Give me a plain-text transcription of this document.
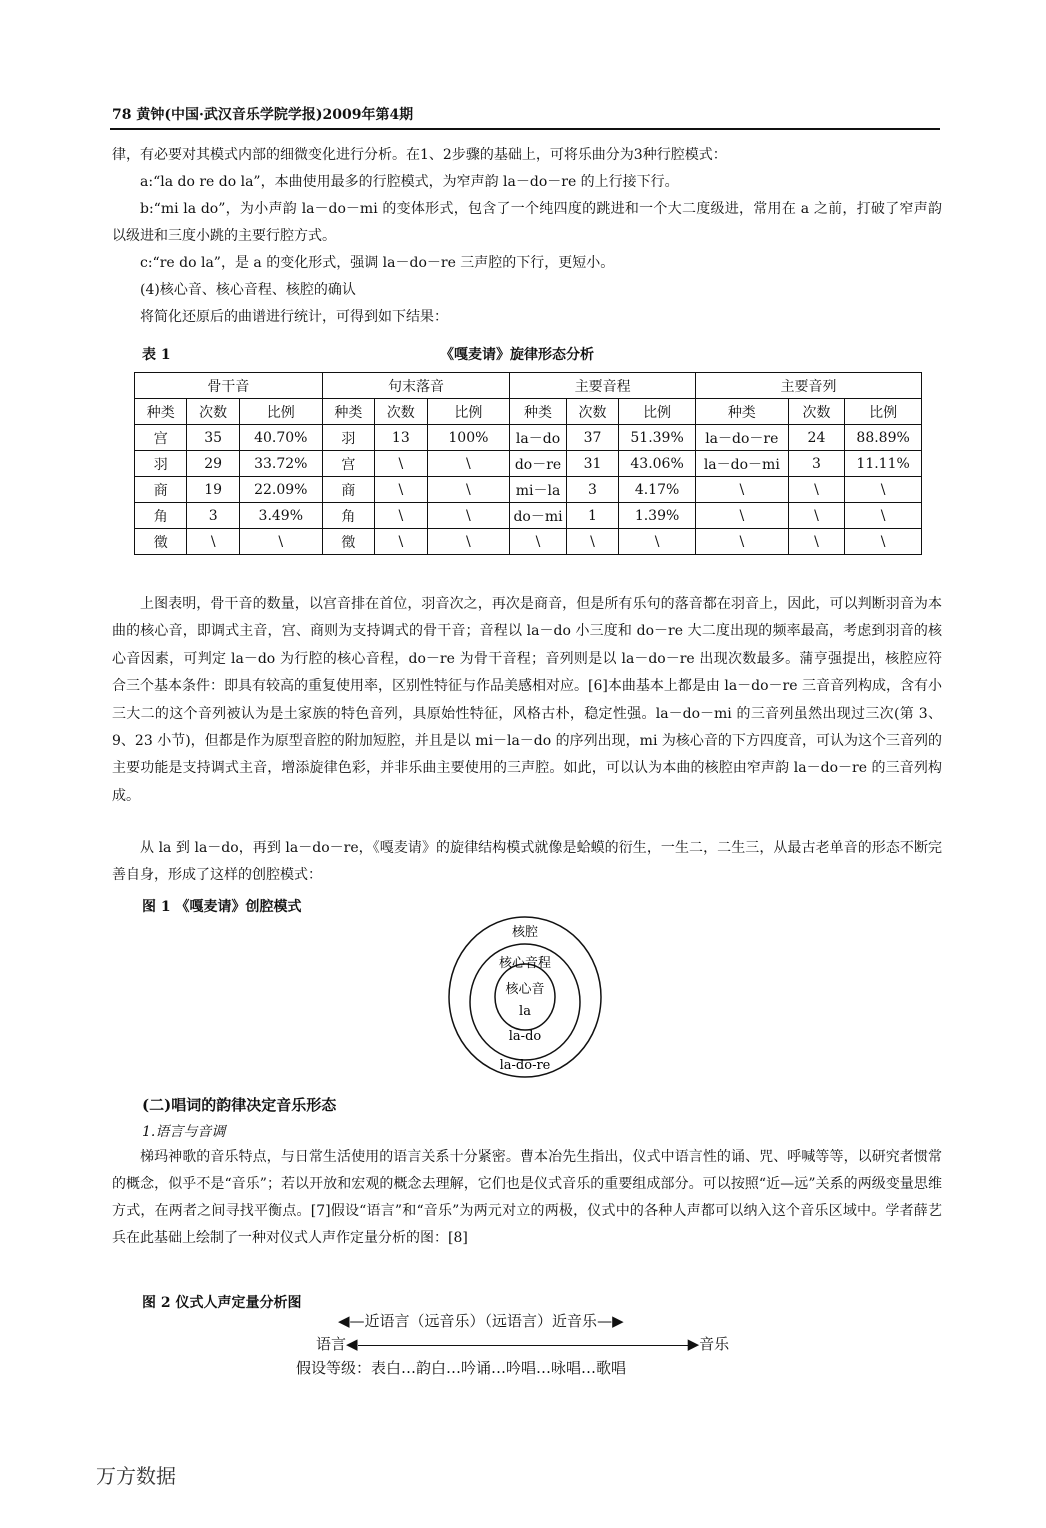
78 黄钟(中国·武汉音乐学院学报)2009年第4期

律，有必要对其模式内部的细微变化进行分析。在1、2步骤的基础上，可将乐曲分为3种行腔模式：

a:“la do re do la”，本曲使用最多的行腔模式，为窄声韵 la－do－re 的上行接下行。

b:“mi la do”，为小声韵 la－do－mi 的变体形式，包含了一个纯四度的跳进和一个大二度级进，常用在 a 之前，打破了窄声韵以级进和三度小跳的主要行腔方式。

c:“re do la”，是 a 的变化形式，强调 la－do－re 三声腔的下行，更短小。

(4)核心音、核心音程、核腔的确认

将简化还原后的曲谱进行统计，可得到如下结果：

表 1	《嘎麦请》旋律形态分析
骨干音			句末落音			主要音程			主要音列		
种类	次数	比例	种类	次数	比例	种类	次数	比例	种类	次数	比例
宫	35	40.70%	羽	13	100%	la－do	37	51.39%	la－do－re	24	88.89%
羽	29	33.72%	宫	\	\	do－re	31	43.06%	la－do－mi	3	11.11%
商	19	22.09%	商	\	\	mi－la	3	4.17%	\	\	\
角	3	3.49%	角	\	\	do－mi	1	1.39%	\	\	\
徵	\	\	徵	\	\	\	\	\	\	\	\

上图表明，骨干音的数量，以宫音排在首位，羽音次之，再次是商音，但是所有乐句的落音都在羽音上，因此，可以判断羽音为本曲的核心音，即调式主音，宫、商则为支持调式的骨干音；音程以 la－do 小三度和 do－re 大二度出现的频率最高，考虑到羽音的核心音因素，可判定 la－do 为行腔的核心音程，do－re 为骨干音程；音列则是以 la－do－re 出现次数最多。蒲亨强提出，核腔应符合三个基本条件：即具有较高的重复使用率，区别性特征与作品美感相对应。[6]本曲基本上都是由 la－do－re 三音音列构成，含有小三大二的这个音列被认为是土家族的特色音列，具原始性特征，风格古朴，稳定性强。la－do－mi 的三音列虽然出现过三次(第 3、9、23 小节)，但都是作为原型音腔的附加短腔，并且是以 mi－la－do 的序列出现，mi 为核心音的下方四度音，可认为这个三音列的主要功能是支持调式主音，增添旋律色彩，并非乐曲主要使用的三声腔。如此，可以认为本曲的核腔由窄声韵 la－do－re 的三音列构成。

从 la 到 la－do，再到 la－do－re，《嘎麦请》的旋律结构模式就像是蛤蟆的衍生，一生二，二生三，从最古老单音的形态不断完善自身，形成了这样的创腔模式：

图 1 《嘎麦请》创腔模式
核腔
核心音程
核心音
la
la-do
la-do-re
(二)唱词的韵律决定音乐形态
1.语言与音调

梯玛神歌的音乐特点，与日常生活使用的语言关系十分紧密。曹本冶先生指出，仪式中语言性的诵、咒、呼喊等等，以研究者惯常的概念，似乎不是“音乐”；若以开放和宏观的概念去理解，它们也是仪式音乐的重要组成部分。可以按照“近—远”关系的两级变量思维方式，在两者之间寻找平衡点。[7]假设“语言”和“音乐”为两元对立的两极，仪式中的各种人声都可以纳入这个音乐区域中。学者薛艺兵在此基础上绘制了一种对仪式人声作定量分析的图：[8]

图 2 仪式人声定量分析图
◀—近语言（远音乐）（远语言）近音乐—▶
语言◀	▶音乐
假设等级：表白…韵白…吟诵…吟唱…咏唱…歌唱
万方数据
